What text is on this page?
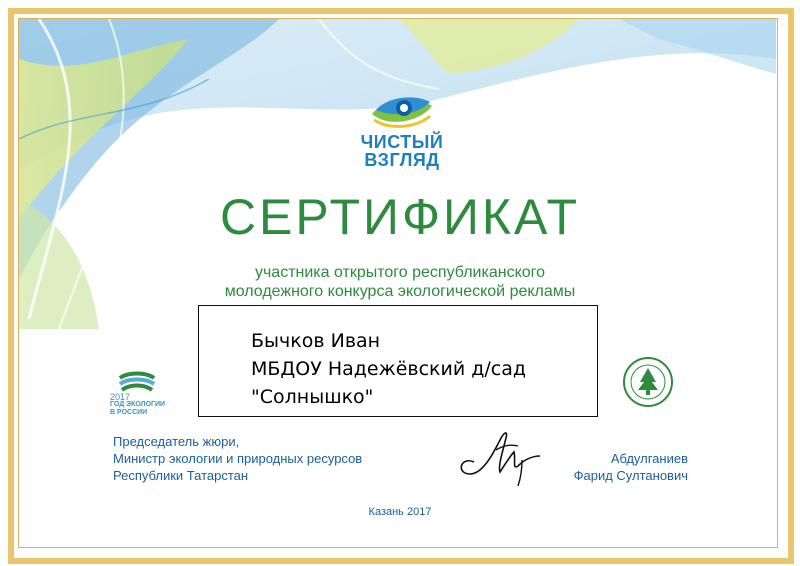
ЧИСТЫЙ
ВЗГЛЯД
СЕРТИФИКАТ
участника открытого республиканского
молодежного конкурса экологической рекламы
Бычков Иван
МБДОУ Надежёвский д/сад
"Солнышко"
2017
ГОД ЭКОЛОГИИ
В РОССИИ
Председатель жюри,
Министр экологии и природных ресурсов
Республики Татарстан
Абдулганиев
Фарид Султанович
Казань 2017
